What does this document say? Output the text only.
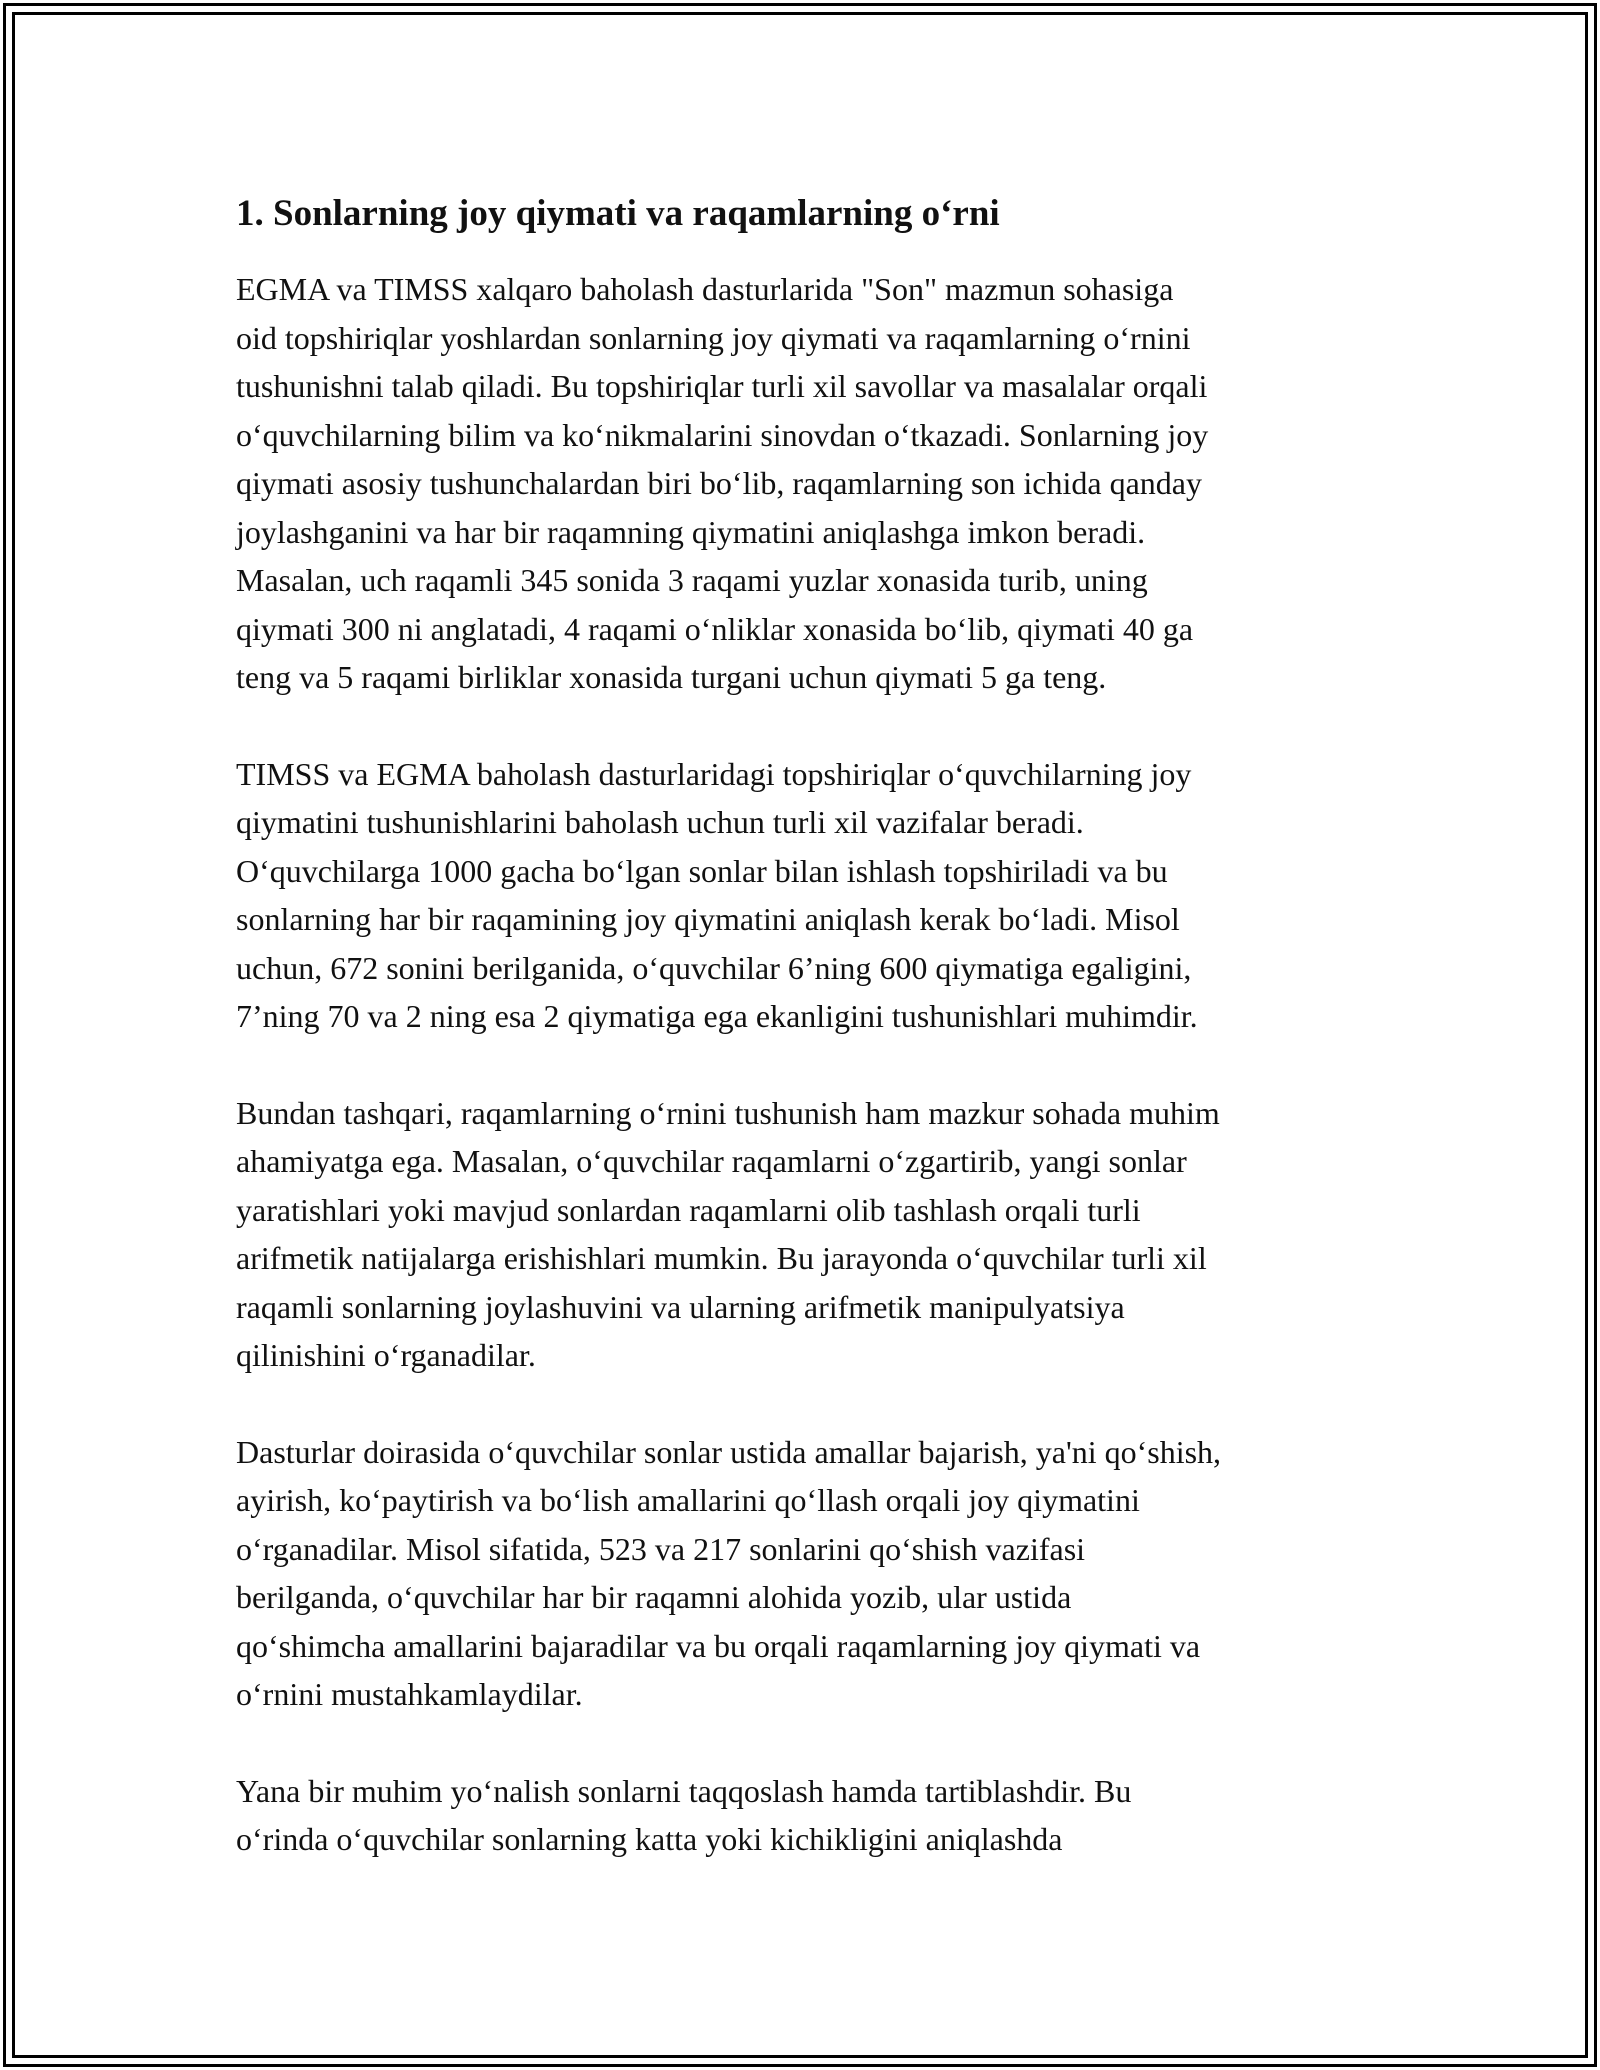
1. Sonlarning joy qiymati va raqamlarning o‘rni
EGMA va TIMSS xalqaro baholash dasturlarida "Son" mazmun sohasiga
oid topshiriqlar yoshlardan sonlarning joy qiymati va raqamlarning o‘rnini
tushunishni talab qiladi. Bu topshiriqlar turli xil savollar va masalalar orqali
o‘quvchilarning bilim va ko‘nikmalarini sinovdan o‘tkazadi. Sonlarning joy
qiymati asosiy tushunchalardan biri bo‘lib, raqamlarning son ichida qanday
joylashganini va har bir raqamning qiymatini aniqlashga imkon beradi.
Masalan, uch raqamli 345 sonida 3 raqami yuzlar xonasida turib, uning
qiymati 300 ni anglatadi, 4 raqami o‘nliklar xonasida bo‘lib, qiymati 40 ga
teng va 5 raqami birliklar xonasida turgani uchun qiymati 5 ga teng.
TIMSS va EGMA baholash dasturlaridagi topshiriqlar o‘quvchilarning joy
qiymatini tushunishlarini baholash uchun turli xil vazifalar beradi.
O‘quvchilarga 1000 gacha bo‘lgan sonlar bilan ishlash topshiriladi va bu
sonlarning har bir raqamining joy qiymatini aniqlash kerak bo‘ladi. Misol
uchun, 672 sonini berilganida, o‘quvchilar 6’ning 600 qiymatiga egaligini,
7’ning 70 va 2 ning esa 2 qiymatiga ega ekanligini tushunishlari muhimdir.
Bundan tashqari, raqamlarning o‘rnini tushunish ham mazkur sohada muhim
ahamiyatga ega. Masalan, o‘quvchilar raqamlarni o‘zgartirib, yangi sonlar
yaratishlari yoki mavjud sonlardan raqamlarni olib tashlash orqali turli
arifmetik natijalarga erishishlari mumkin. Bu jarayonda o‘quvchilar turli xil
raqamli sonlarning joylashuvini va ularning arifmetik manipulyatsiya
qilinishini o‘rganadilar.
Dasturlar doirasida o‘quvchilar sonlar ustida amallar bajarish, ya'ni qo‘shish,
ayirish, ko‘paytirish va bo‘lish amallarini qo‘llash orqali joy qiymatini
o‘rganadilar. Misol sifatida, 523 va 217 sonlarini qo‘shish vazifasi
berilganda, o‘quvchilar har bir raqamni alohida yozib, ular ustida
qo‘shimcha amallarini bajaradilar va bu orqali raqamlarning joy qiymati va
o‘rnini mustahkamlaydilar.
Yana bir muhim yo‘nalish sonlarni taqqoslash hamda tartiblashdir. Bu
o‘rinda o‘quvchilar sonlarning katta yoki kichikligini aniqlashda
